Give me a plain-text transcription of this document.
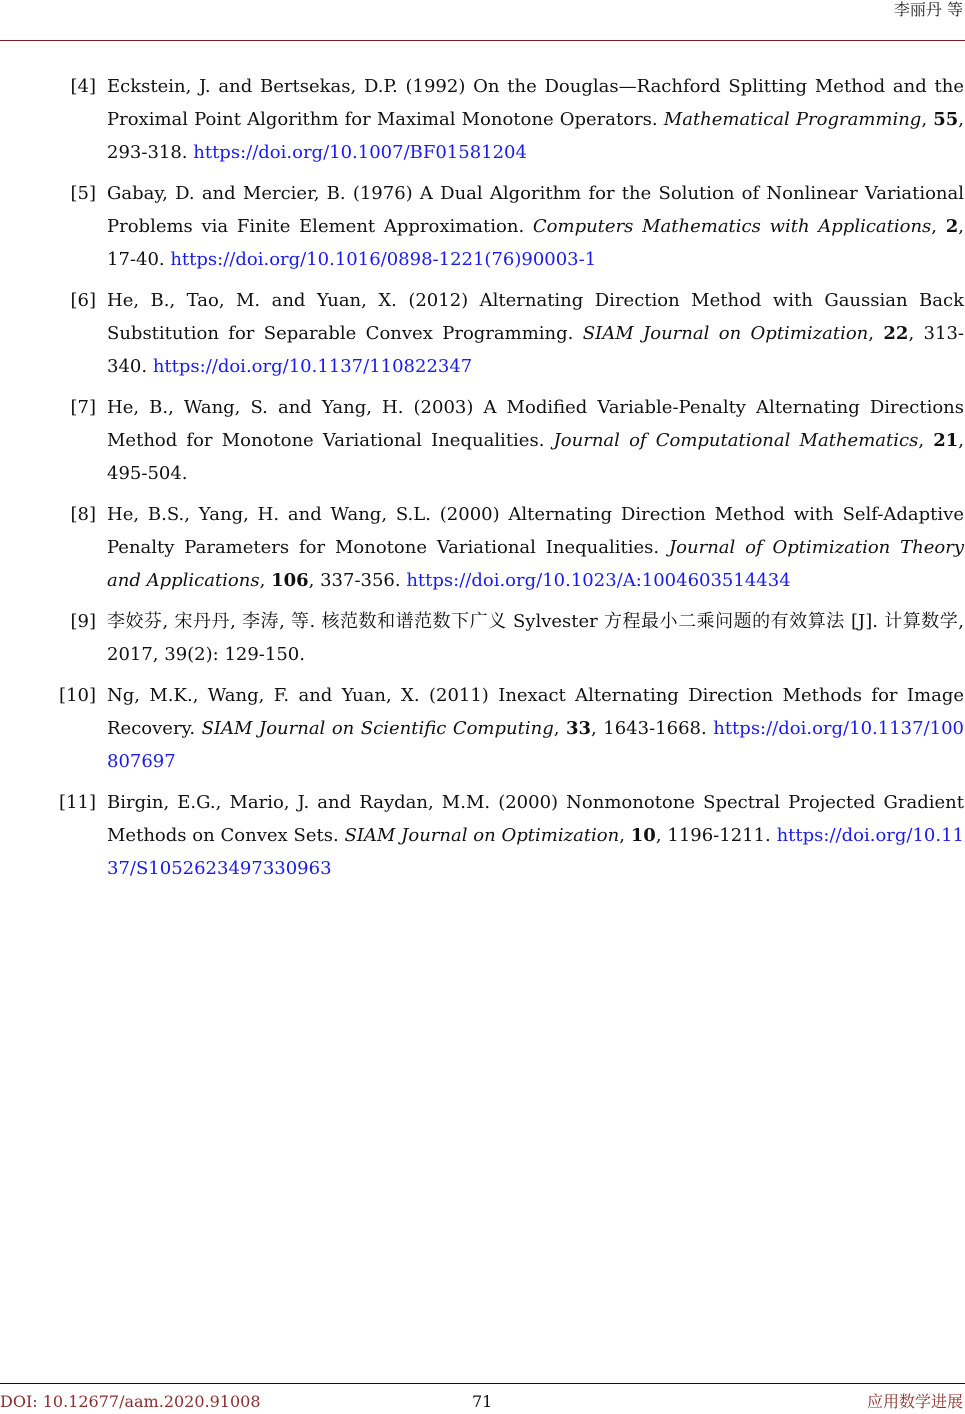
李丽丹 等
[4] Eckstein, J. and Bertsekas, D.P. (1992) On the Douglas—Rachford Splitting Method and the Proximal Point Algorithm for Maximal Monotone Operators. Mathematical Programming, 55, 293-318. https://doi.org/10.1007/BF01581204
[5] Gabay, D. and Mercier, B. (1976) A Dual Algorithm for the Solution of Nonlinear Variational Problems via Finite Element Approximation. Computers Mathematics with Applications, 2, 17-40. https://doi.org/10.1016/0898-1221(76)90003-1
[6] He, B., Tao, M. and Yuan, X. (2012) Alternating Direction Method with Gaussian Back Substitution for Separable Convex Programming. SIAM Journal on Optimization, 22, 313-340. https://doi.org/10.1137/110822347
[7] He, B., Wang, S. and Yang, H. (2003) A Modified Variable-Penalty Alternating Directions Method for Monotone Variational Inequalities. Journal of Computational Mathematics, 21, 495-504.
[8] He, B.S., Yang, H. and Wang, S.L. (2000) Alternating Direction Method with Self-Adaptive Penalty Parameters for Monotone Variational Inequalities. Journal of Optimization Theory and Applications, 106, 337-356. https://doi.org/10.1023/A:1004603514434
[9] 李姣芬, 宋丹丹, 李涛, 等. 核范数和谱范数下广义 Sylvester 方程最小二乘问题的有效算法 [J]. 计算数学, 2017, 39(2): 129-150.
[10] Ng, M.K., Wang, F. and Yuan, X. (2011) Inexact Alternating Direction Methods for Image Recovery. SIAM Journal on Scientific Computing, 33, 1643-1668. https://doi.org/10.1137/100807697
[11] Birgin, E.G., Mario, J. and Raydan, M.M. (2000) Nonmonotone Spectral Projected Gradient Methods on Convex Sets. SIAM Journal on Optimization, 10, 1196-1211. https://doi.org/10.1137/S1052623497330963
DOI: 10.12677/aam.2020.91008	71	应用数学进展
